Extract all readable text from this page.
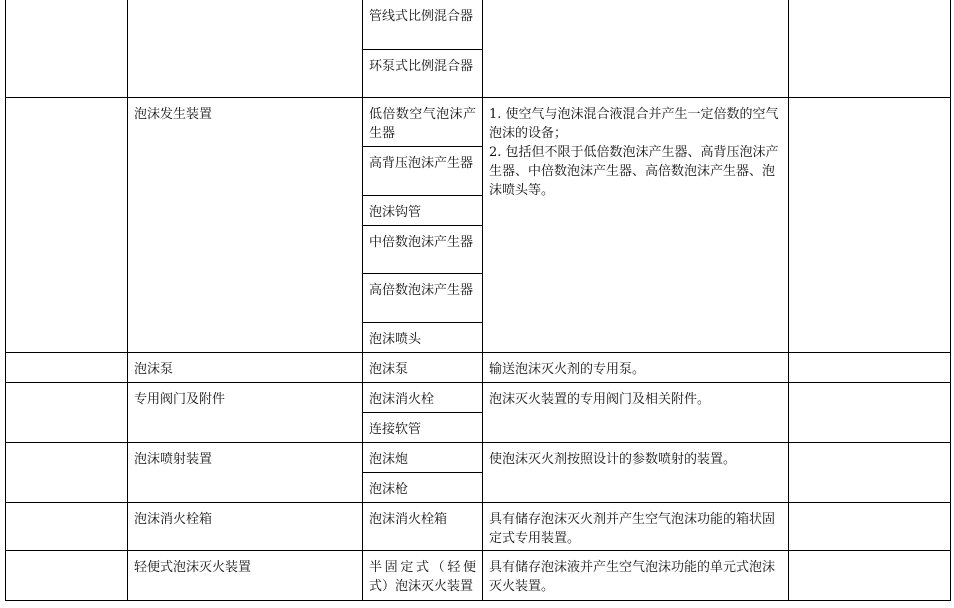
		管线式比例混合器		
		环泵式比例混合器		
	泡沫发生装置	低倍数空气泡沫产生器	1. 使空气与泡沫混合液混合并产生一定倍数的空气泡沫的设备；
2. 包括但不限于低倍数泡沫产生器、高背压泡沫产生器、中倍数泡沫产生器、高倍数泡沫产生器、泡沫喷头等。	

		高背压泡沫产生器		
		泡沫钩管		
		中倍数泡沫产生器		
		高倍数泡沫产生器		
		泡沫喷头		
	泡沫泵	泡沫泵	输送泡沫灭火剂的专用泵。	
	专用阀门及附件	泡沫消火栓	泡沫灭火装置的专用阀门及相关附件。	
		连接软管		
	泡沫喷射装置	泡沫炮	使泡沫灭火剂按照设计的参数喷射的装置。	
		泡沫枪		
	泡沫消火栓箱	泡沫消火栓箱	具有储存泡沫灭火剂并产生空气泡沫功能的箱状固定式专用装置。	
	轻便式泡沫灭火装置	半固定式（轻便式）泡沫灭火装置	具有储存泡沫液并产生空气泡沫功能的单元式泡沫灭火装置。	
